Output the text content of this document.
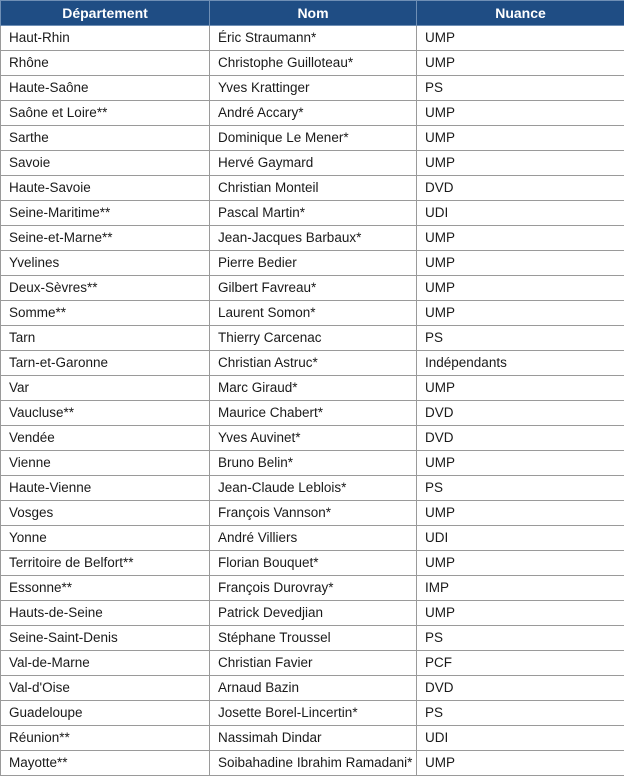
Département	Nom	Nuance
Haut-Rhin	Éric Straumann*	UMP
Rhône	Christophe Guilloteau*	UMP
Haute-Saône	Yves Krattinger	PS
Saône et Loire**	André Accary*	UMP
Sarthe	Dominique Le Mener*	UMP
Savoie	Hervé Gaymard	UMP
Haute-Savoie	Christian Monteil	DVD
Seine-Maritime**	Pascal Martin*	UDI
Seine-et-Marne**	Jean-Jacques Barbaux*	UMP
Yvelines	Pierre Bedier	UMP
Deux-Sèvres**	Gilbert Favreau*	UMP
Somme**	Laurent Somon*	UMP
Tarn	Thierry Carcenac	PS
Tarn-et-Garonne	Christian Astruc*	Indépendants
Var	Marc Giraud*	UMP
Vaucluse**	Maurice Chabert*	DVD
Vendée	Yves Auvinet*	DVD
Vienne	Bruno Belin*	UMP
Haute-Vienne	Jean-Claude Leblois*	PS
Vosges	François Vannson*	UMP
Yonne	André Villiers	UDI
Territoire de Belfort**	Florian Bouquet*	UMP
Essonne**	François Durovray*	IMP
Hauts-de-Seine	Patrick Devedjian	UMP
Seine-Saint-Denis	Stéphane Troussel	PS
Val-de-Marne	Christian Favier	PCF
Val-d'Oise	Arnaud Bazin	DVD
Guadeloupe	Josette Borel-Lincertin*	PS
Réunion**	Nassimah Dindar	UDI
Mayotte**	Soibahadine Ibrahim Ramadani*	UMP
